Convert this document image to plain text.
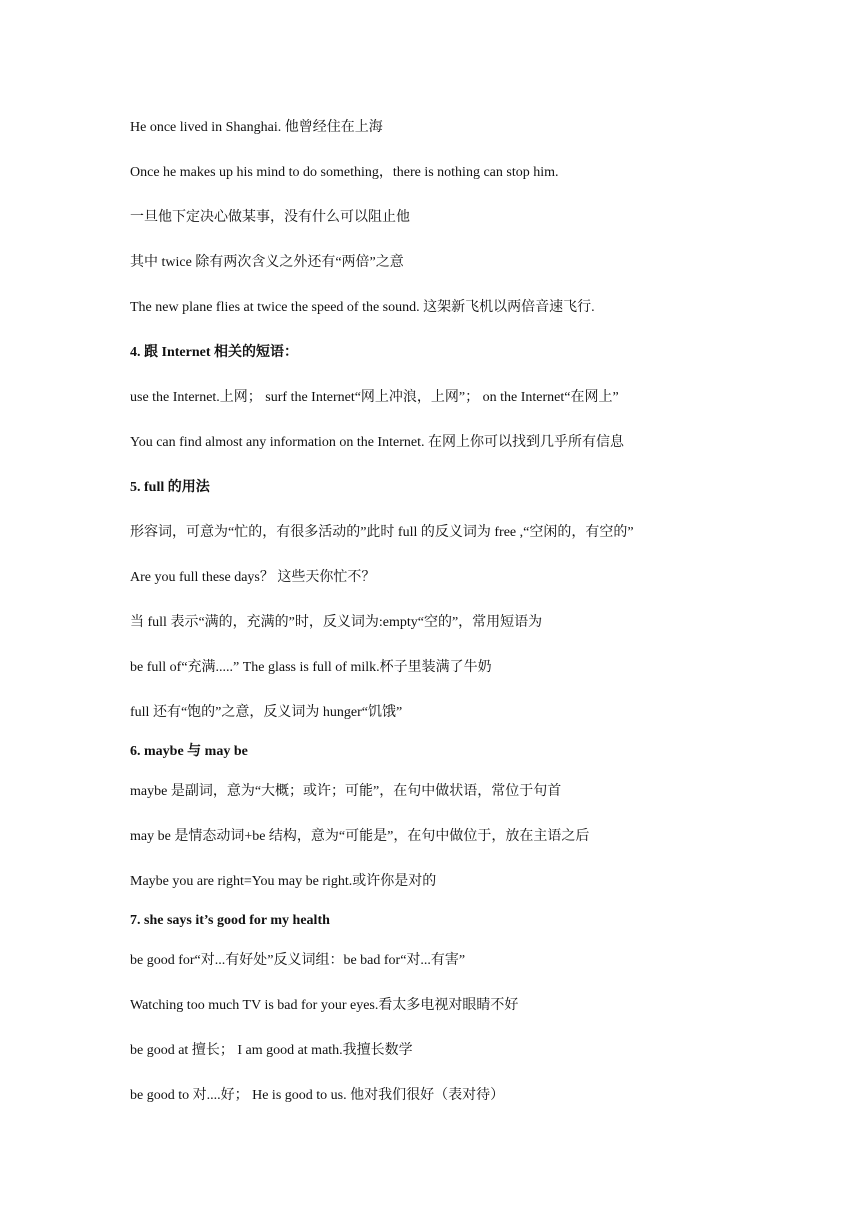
He once lived in Shanghai. 他曾经住在上海
Once he makes up his mind to do something，there is nothing can stop him.
一旦他下定决心做某事，没有什么可以阻止他
其中 twice 除有两次含义之外还有“两倍”之意
The new plane flies at twice the speed of the sound. 这架新飞机以两倍音速飞行.
4. 跟 Internet 相关的短语：
use the Internet.上网； surf the Internet“网上冲浪，上网”； on the Internet“在网上”
You can find almost any information on the Internet. 在网上你可以找到几乎所有信息
5. full 的用法
形容词，可意为“忙的，有很多活动的”此时 full 的反义词为 free ,“空闲的，有空的”
Are you full these days？ 这些天你忙不？
当 full 表示“满的，充满的”时，反义词为:empty“空的”，常用短语为
be full of“充满.....” The glass is full of milk.杯子里装满了牛奶
full 还有“饱的”之意，反义词为 hunger“饥饿”
6. maybe 与 may be
maybe 是副词，意为“大概；或许；可能”，在句中做状语，常位于句首
may be 是情态动词+be 结构，意为“可能是”，在句中做位于，放在主语之后
Maybe you are right=You may be right.或许你是对的
7. she says it’s good for my health
be good for“对...有好处”反义词组：be bad for“对...有害”
Watching too much TV is bad for your eyes.看太多电视对眼睛不好
be good at 擅长； I am good at math.我擅长数学
be good to 对....好； He is good to us. 他对我们很好（表对待）
